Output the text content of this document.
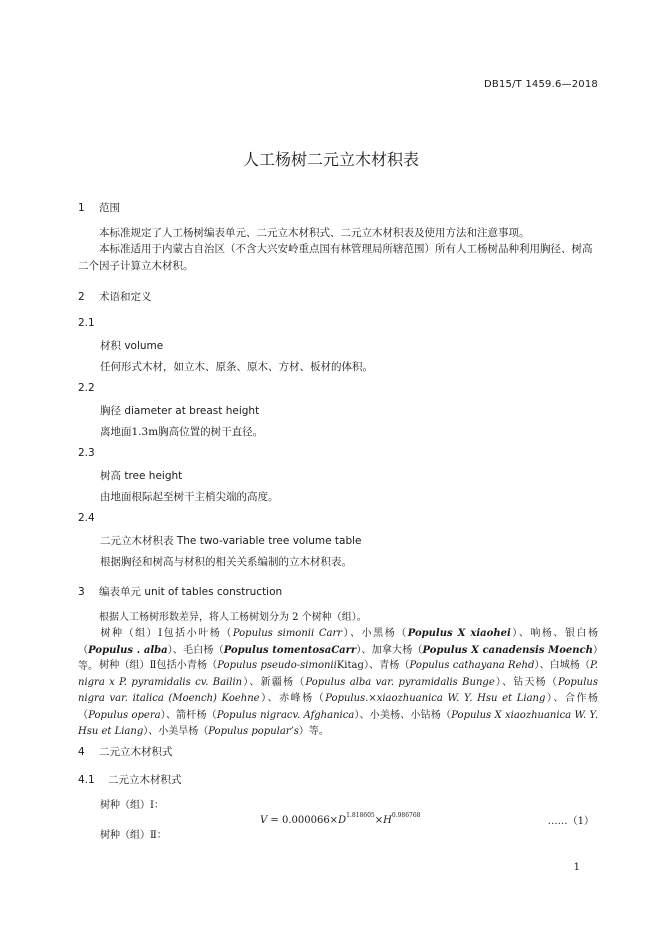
DB15/T 1459.6—2018
人工杨树二元立木材积表
1 范围
本标准规定了人工杨树编表单元、二元立木材积式、二元立木材积表及使用方法和注意事项。
本标准适用于内蒙古自治区（不含大兴安岭重点国有林管理局所辖范围）所有人工杨树品种利用胸径、树高二个因子计算立木材积。
2 术语和定义
2.1
材积 volume
任何形式木材，如立木、原条、原木、方材、板材的体积。
2.2
胸径 diameter at breast height
离地面1.3m胸高位置的树干直径。
2.3
树高 tree height
由地面根际起至树干主梢尖端的高度。
2.4
二元立木材积表 The two-variable tree volume table
根据胸径和树高与材积的相关关系编制的立木材积表。
3 编表单元 unit of tables construction
根据人工杨树形数差异，将人工杨树划分为 2 个树种（组）。
树种（组）Ⅰ包括小叶杨（Populus simonii Carr）、小黑杨（Populus X xiaohei）、响杨、银白杨（Populus . alba）、毛白杨（Populus tomentosaCarr）、加拿大杨（Populus X canadensis Moench）等。 树种（组）Ⅱ包括小青杨（Populus pseudo-simoniiKitag）、青杨（Populus cathayana Rehd）、白城杨（P. nigra x P. pyramidalis cv. Bailin）、新疆杨（Populus alba var. pyramidalis Bunge）、钻天杨（Populus nigra var. italica (Moench) Koehne）、赤峰杨（Populus.×xiaozhuanica W. Y. Hsu et Liang）、合作杨（Populus opera）、箭杆杨（Populus nigracv. Afghanica）、小美杨、小钻杨（Populus X xiaozhuanica W. Y. Hsu et Liang）、小美旱杨（Populus popular’s）等。
4 二元立木材积式
4.1 二元立木材积式
树种（组）Ⅰ：
$V = 0.000066\times D^{1.818605}\times H^{0.986768}$
……（1）
树种（组）Ⅱ：
1
